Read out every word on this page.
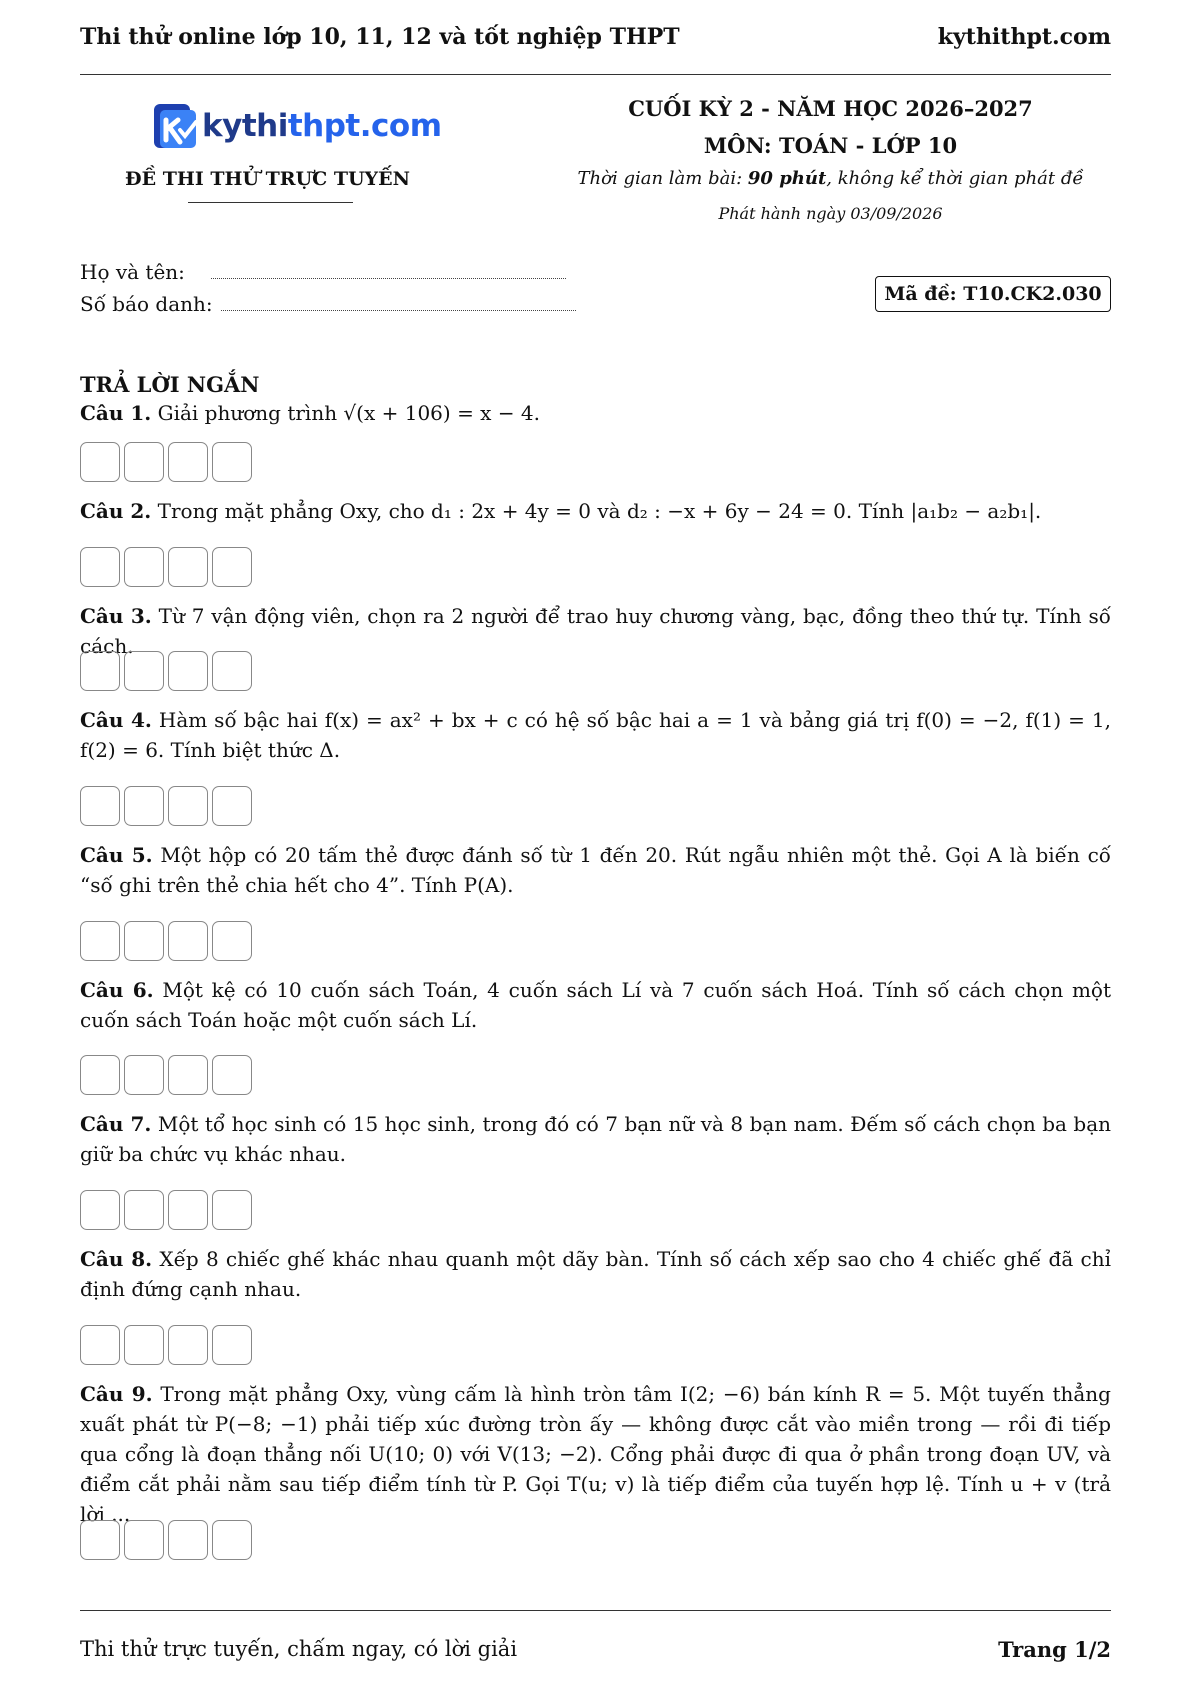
Thi thử online lớp 10, 11, 12 và tốt nghiệp THPT	kythithpt.com
kythithpt.com
ĐỀ THI THỬ TRỰC TUYẾN
CUỐI KỲ 2 - NĂM HỌC 2026–2027
MÔN: TOÁN - LỚP 10
Thời gian làm bài: 90 phút, không kể thời gian phát đề
Phát hành ngày 03/09/2026
Họ và tên:
Số báo danh:	Mã đề: T10.CK2.030
TRẢ LỜI NGẮN
Câu 1. Giải phương trình √(x + 106) = x − 4.
Câu 2. Trong mặt phẳng Oxy, cho d₁ : 2x + 4y = 0 và d₂ : −x + 6y − 24 = 0. Tính |a₁b₂ − a₂b₁|.
Câu 3. Từ 7 vận động viên, chọn ra 2 người để trao huy chương vàng, bạc, đồng theo thứ tự. Tính số cách.
Câu 4. Hàm số bậc hai f(x) = ax² + bx + c có hệ số bậc hai a = 1 và bảng giá trị f(0) = −2, f(1) = 1, f(2) = 6. Tính biệt thức Δ.
Câu 5. Một hộp có 20 tấm thẻ được đánh số từ 1 đến 20. Rút ngẫu nhiên một thẻ. Gọi A là biến cố “số ghi trên thẻ chia hết cho 4”. Tính P(A).
Câu 6. Một kệ có 10 cuốn sách Toán, 4 cuốn sách Lí và 7 cuốn sách Hoá. Tính số cách chọn một cuốn sách Toán hoặc một cuốn sách Lí.
Câu 7. Một tổ học sinh có 15 học sinh, trong đó có 7 bạn nữ và 8 bạn nam. Đếm số cách chọn ba bạn giữ ba chức vụ khác nhau.
Câu 8. Xếp 8 chiếc ghế khác nhau quanh một dãy bàn. Tính số cách xếp sao cho 4 chiếc ghế đã chỉ định đứng cạnh nhau.
Câu 9. Trong mặt phẳng Oxy, vùng cấm là hình tròn tâm I(2; −6) bán kính R = 5. Một tuyến thẳng xuất phát từ P(−8; −1) phải tiếp xúc đường tròn ấy — không được cắt vào miền trong — rồi đi tiếp qua cổng là đoạn thẳng nối U(10; 0) với V(13; −2). Cổng phải được đi qua ở phần trong đoạn UV, và điểm cắt phải nằm sau tiếp điểm tính từ P. Gọi T(u; v) là tiếp điểm của tuyến hợp lệ. Tính u + v (trả lời ...
Thi thử trực tuyến, chấm ngay, có lời giải	Trang 1/2
